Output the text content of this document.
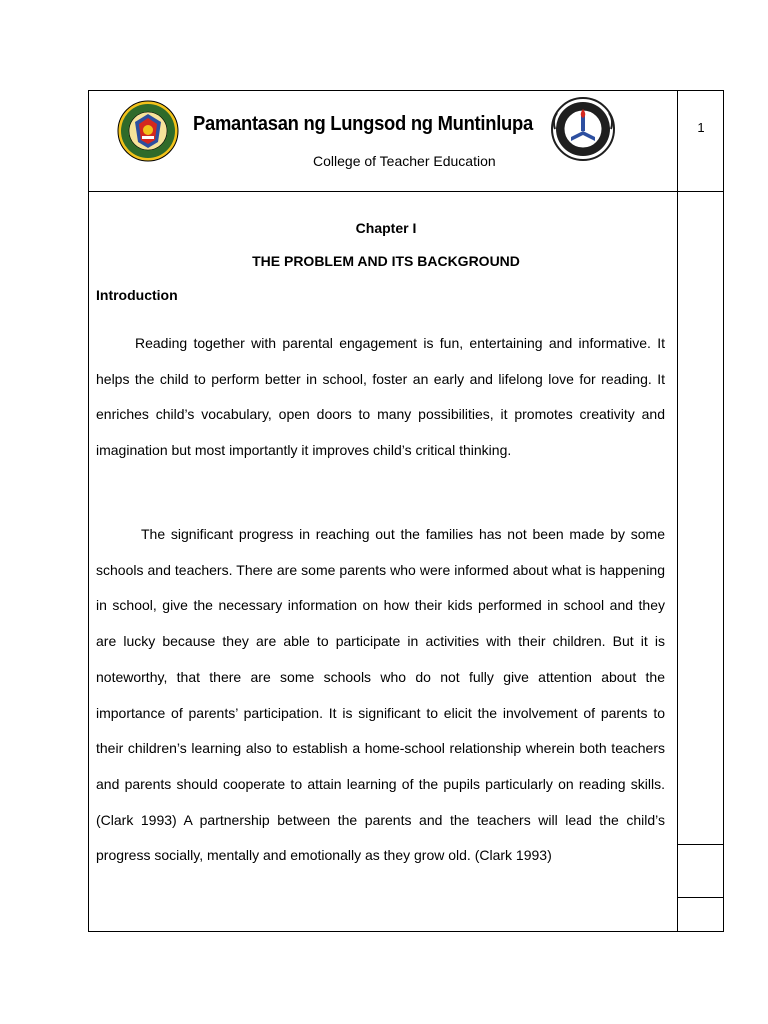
Pamantasan ng Lungsod ng Muntinlupa
College of Teacher Education
1
Chapter I
THE PROBLEM AND ITS BACKGROUND
Introduction

Reading together with parental engagement is fun, entertaining and informative. It helps the child to perform better in school, foster an early and lifelong love for reading. It enriches child’s vocabulary, open doors to many possibilities, it promotes creativity and imagination but most importantly it improves child’s critical thinking.

The significant progress in reaching out the families has not been made by some schools and teachers. There are some parents who were informed about what is happening in school, give the necessary information on how their kids performed in school and they are lucky because they are able to participate in activities with their children. But it is noteworthy, that there are some schools who do not fully give attention about the importance of parents’ participation. It is significant to elicit the involvement of parents to their children’s learning also to establish a home-school relationship wherein both teachers and parents should cooperate to attain learning of the pupils particularly on reading skills.(Clark 1993) A partnership between the parents and the teachers will lead the child’s progress socially, mentally and emotionally as they grow old. (Clark 1993)
